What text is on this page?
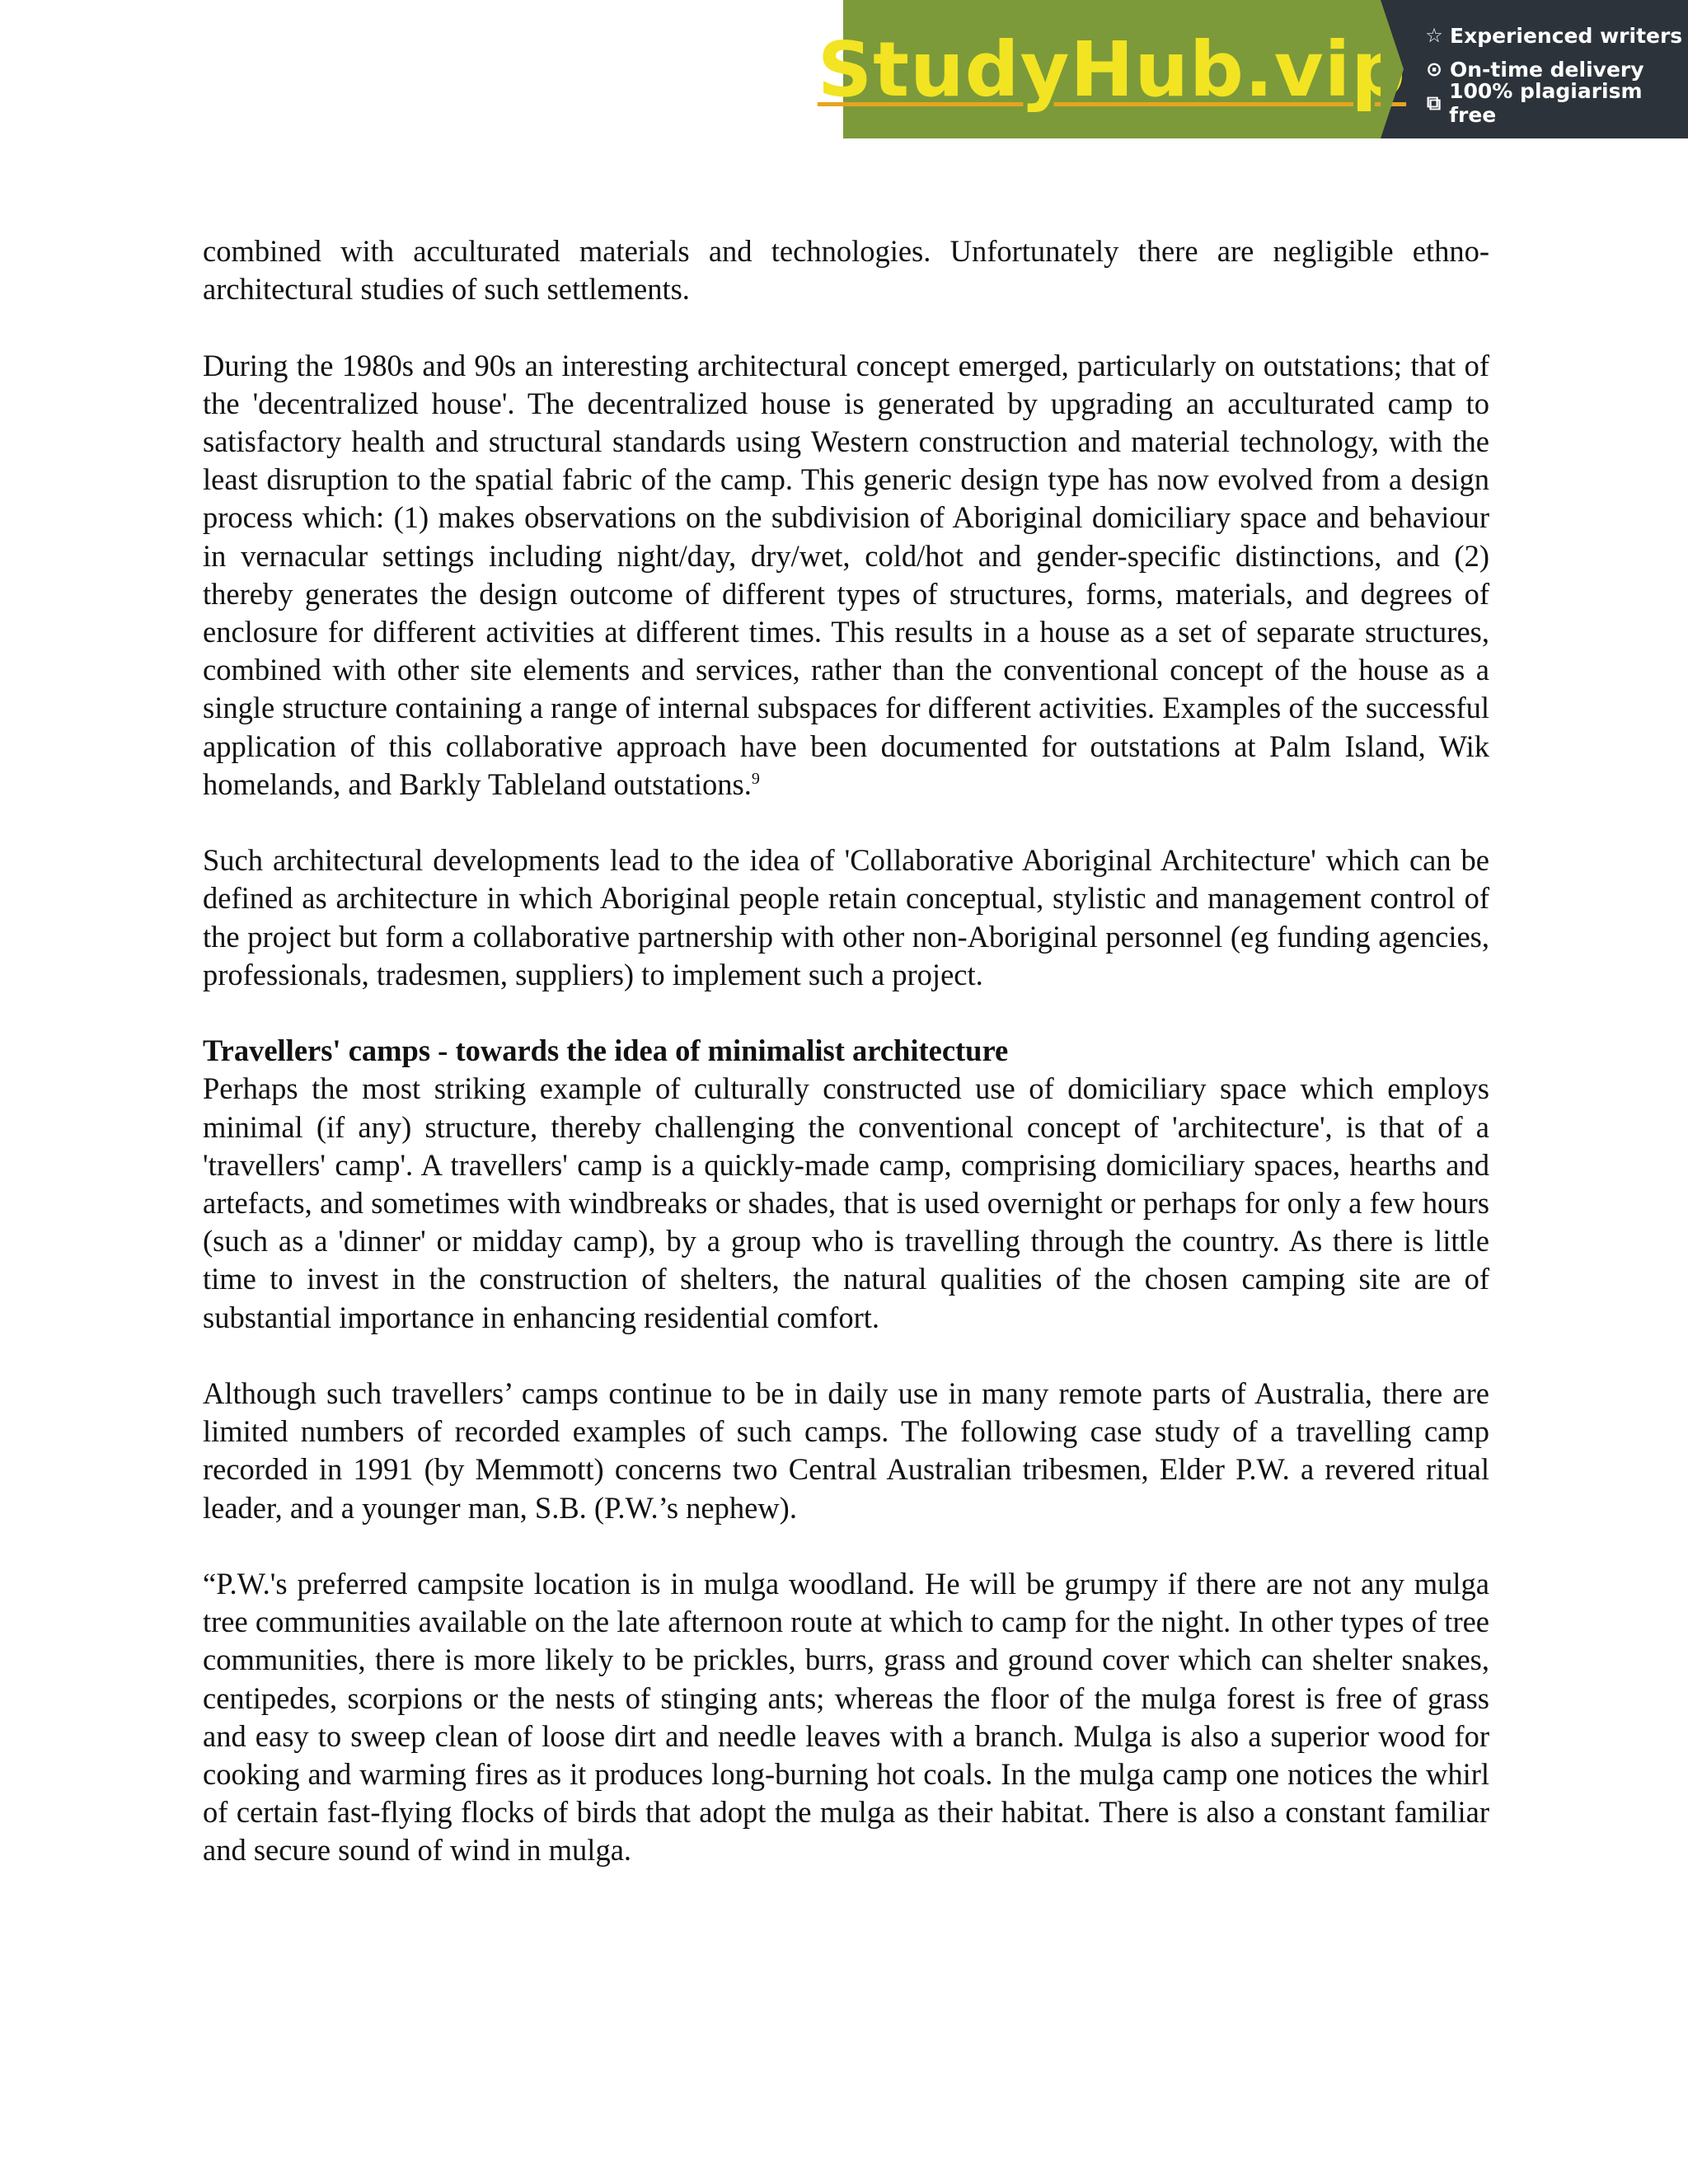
StudyHub.vip ☆ Experienced writers
⊙ On-time delivery
⧉ 100% plagiarism free

combined with acculturated materials and technologies. Unfortunately there are negligible ethno-architectural studies of such settlements.

During the 1980s and 90s an interesting architectural concept emerged, particularly on outstations; that of the 'decentralized house'. The decentralized house is generated by upgrading an acculturated camp to satisfactory health and structural standards using Western construction and material technology, with the least disruption to the spatial fabric of the camp. This generic design type has now evolved from a design process which: (1) makes observations on the subdivision of Aboriginal domiciliary space and behaviour in vernacular settings including night/day, dry/wet, cold/hot and gender-specific distinctions, and (2) thereby generates the design outcome of different types of structures, forms, materials, and degrees of enclosure for different activities at different times. This results in a house as a set of separate structures, combined with other site elements and services, rather than the conventional concept of the house as a single structure containing a range of internal subspaces for different activities. Examples of the successful application of this collaborative approach have been documented for outstations at Palm Island, Wik homelands, and Barkly Tableland outstations.$^9$

Such architectural developments lead to the idea of 'Collaborative Aboriginal Architecture' which can be defined as architecture in which Aboriginal people retain conceptual, stylistic and management control of the project but form a collaborative partnership with other non-Aboriginal personnel (eg funding agencies, professionals, tradesmen, suppliers) to implement such a project.

Travellers' camps - towards the idea of minimalist architecture

Perhaps the most striking example of culturally constructed use of domiciliary space which employs minimal (if any) structure, thereby challenging the conventional concept of 'architecture', is that of a 'travellers' camp'. A travellers' camp is a quickly-made camp, comprising domiciliary spaces, hearths and artefacts, and sometimes with windbreaks or shades, that is used overnight or perhaps for only a few hours (such as a 'dinner' or midday camp), by a group who is travelling through the country. As there is little time to invest in the construction of shelters, the natural qualities of the chosen camping site are of substantial importance in enhancing residential comfort.

Although such travellers’ camps continue to be in daily use in many remote parts of Australia, there are limited numbers of recorded examples of such camps. The following case study of a travelling camp recorded in 1991 (by Memmott) concerns two Central Australian tribesmen, Elder P.W. a revered ritual leader, and a younger man, S.B. (P.W.’s nephew).

“P.W.'s preferred campsite location is in mulga woodland. He will be grumpy if there are not any mulga tree communities available on the late afternoon route at which to camp for the night. In other types of tree communities, there is more likely to be prickles, burrs, grass and ground cover which can shelter snakes, centipedes, scorpions or the nests of stinging ants; whereas the floor of the mulga forest is free of grass and easy to sweep clean of loose dirt and needle leaves with a branch. Mulga is also a superior wood for cooking and warming fires as it produces long-burning hot coals. In the mulga camp one notices the whirl of certain fast-flying flocks of birds that adopt the mulga as their habitat. There is also a constant familiar and secure sound of wind in mulga.
